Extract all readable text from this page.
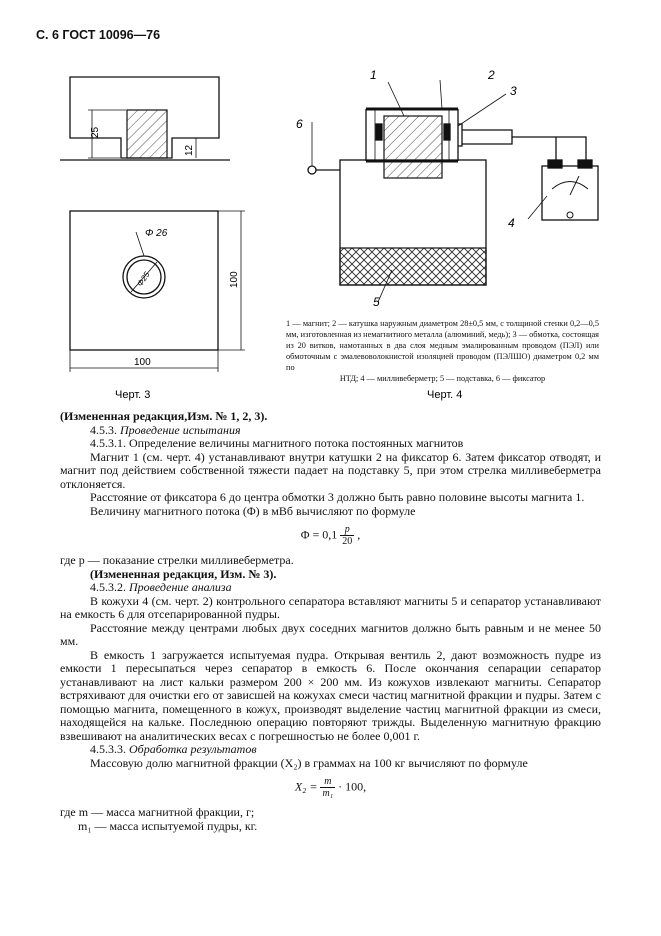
С. 6 ГОСТ 10096—76
25
12
Φ 26
Φ25	100
100
Черт. 3
1	2
3
4
5
6
Черт. 4
1 — магнит; 2 — катушка наружным диаметром 28±0,5 мм, с толщиной стенки 0,2—0,5 мм, изготовленная из немагнитного металла (алюминий, медь); 3 — обмотка, состоящая из 20 витков, намотанных в два слоя медным эмалированным проводом (ПЭЛ) или обмоточным с эмалевоволокнистой изоляцией проводом (ПЭЛШО) диаметром 0,2 мм по
НТД; 4 — милливеберметр; 5 — подставка, 6 — фиксатор

(Измененная редакция,Изм. № 1, 2, 3).

4.5.3. Проведение испытания

4.5.3.1. Определение величины магнитного потока постоянных магнитов

Магнит 1 (см. черт. 4) устанавливают внутри катушки 2 на фиксатор 6. Затем фиксатор отводят, и магнит под действием собственной тяжести падает на подставку 5, при этом стрелка милливеберметра отклоняется.

Расстояние от фиксатора 6 до центра обмотки 3 должно быть равно половине высоты магнита 1.

Величину магнитного потока (Φ) в мВб вычисляют по формуле

$\Phi = 0,1 \frac{p}{20}$ ,

где p — показание стрелки милливеберметра.

(Измененная редакция, Изм. № 3).

4.5.3.2. Проведение анализа

В кожухи 4 (см. черт. 2) контрольного сепаратора вставляют магниты 5 и сепаратор устанавливают на емкость 6 для отсепарированной пудры.

Расстояние между центрами любых двух соседних магнитов должно быть равным и не менее 50 мм.

В емкость 1 загружается испытуемая пудра. Открывая вентиль 2, дают возможность пудре из емкости 1 пересыпаться через сепаратор в емкость 6. После окончания сепарации сепаратор устанавливают на лист кальки размером 200 × 200 мм. Из кожухов извлекают магниты. Сепаратор встряхивают для очистки его от зависшей на кожухах смеси частиц магнитной фракции и пудры. Затем с помощью магнита, помещенного в кожух, производят выделение частиц магнитной фракции из смеси, находящейся на кальке. Последнюю операцию повторяют трижды. Выделенную магнитную фракцию взвешивают на аналитических весах с погрешностью не более 0,001 г.

4.5.3.3. Обработка результатов

Массовую долю магнитной фракции (X₂) в граммах на 100 кг вычисляют по формуле

$X_2 = \frac{m}{\text{m₁}} \cdot 100$,

где m — масса магнитной фракции, г;

m₁ — масса испытуемой пудры, кг.
